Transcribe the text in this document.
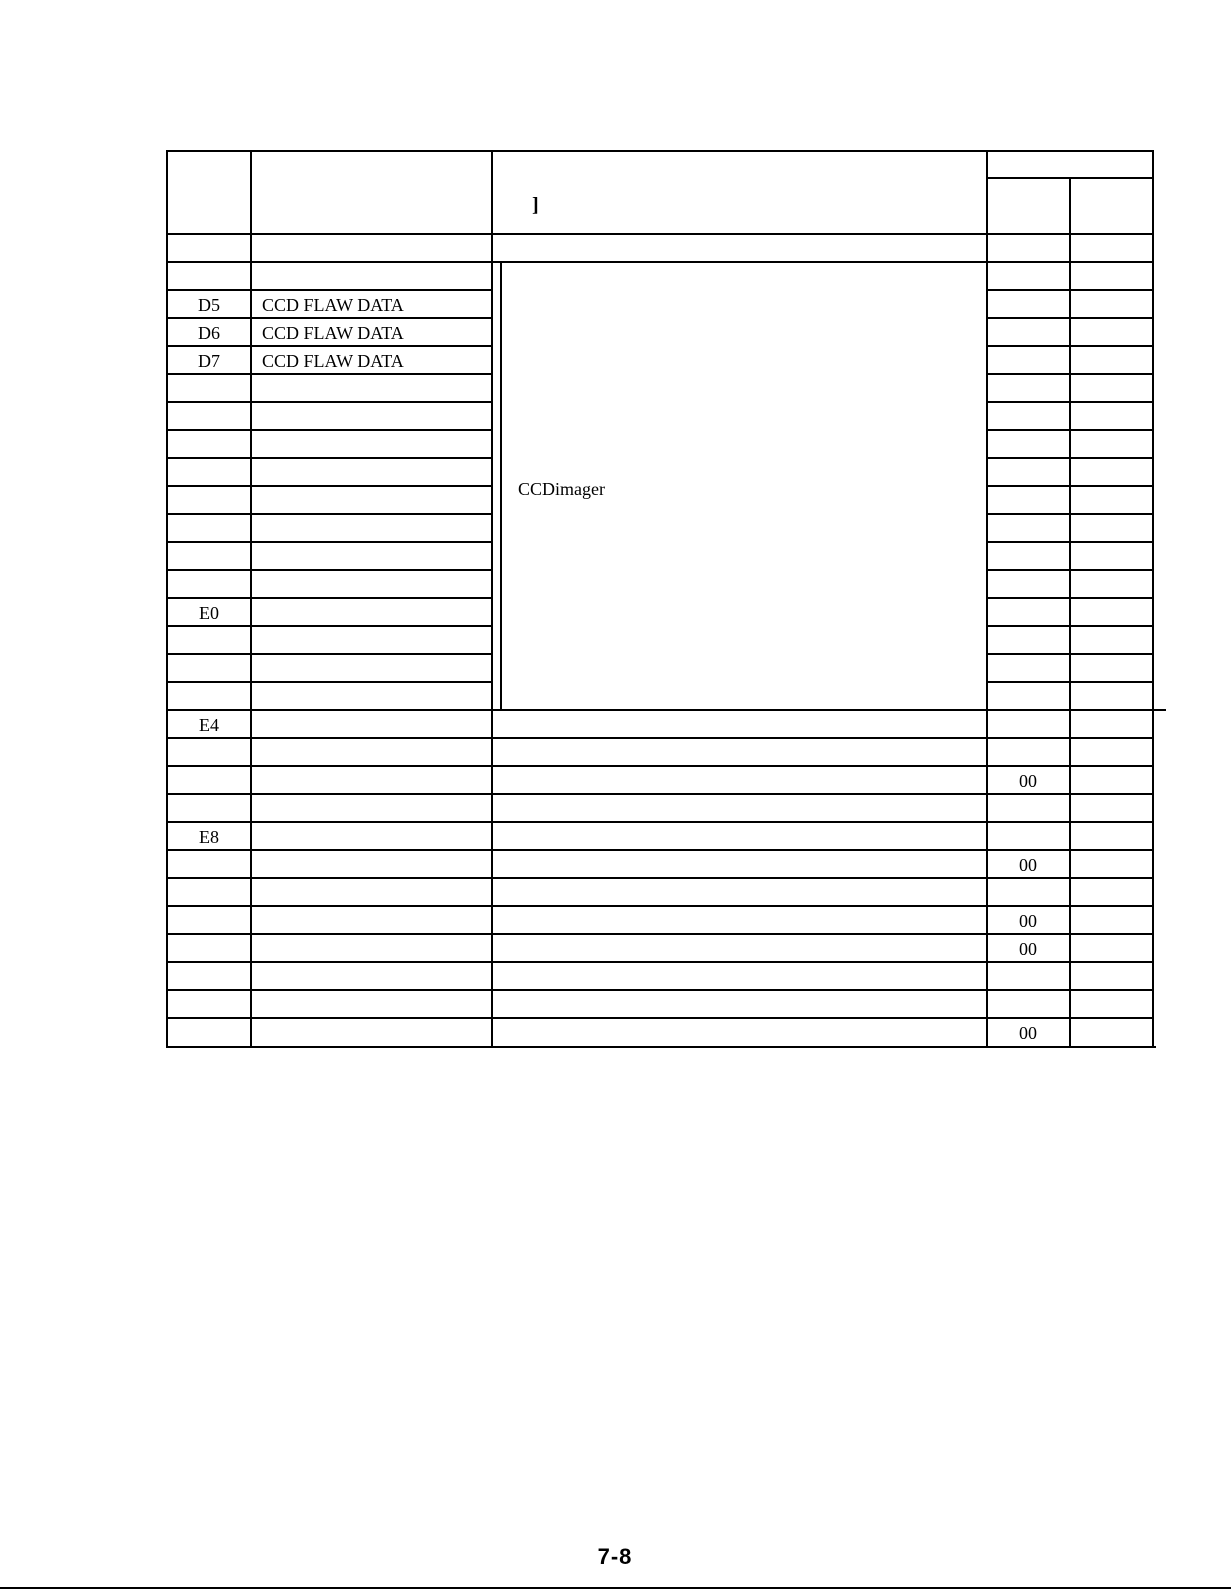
]
D5
D6
D7
E0
E4
E8
CCD FLAW DATA
CCD FLAW DATA
CCD FLAW DATA
CCDimager
00
00
00
00
00
7-8
